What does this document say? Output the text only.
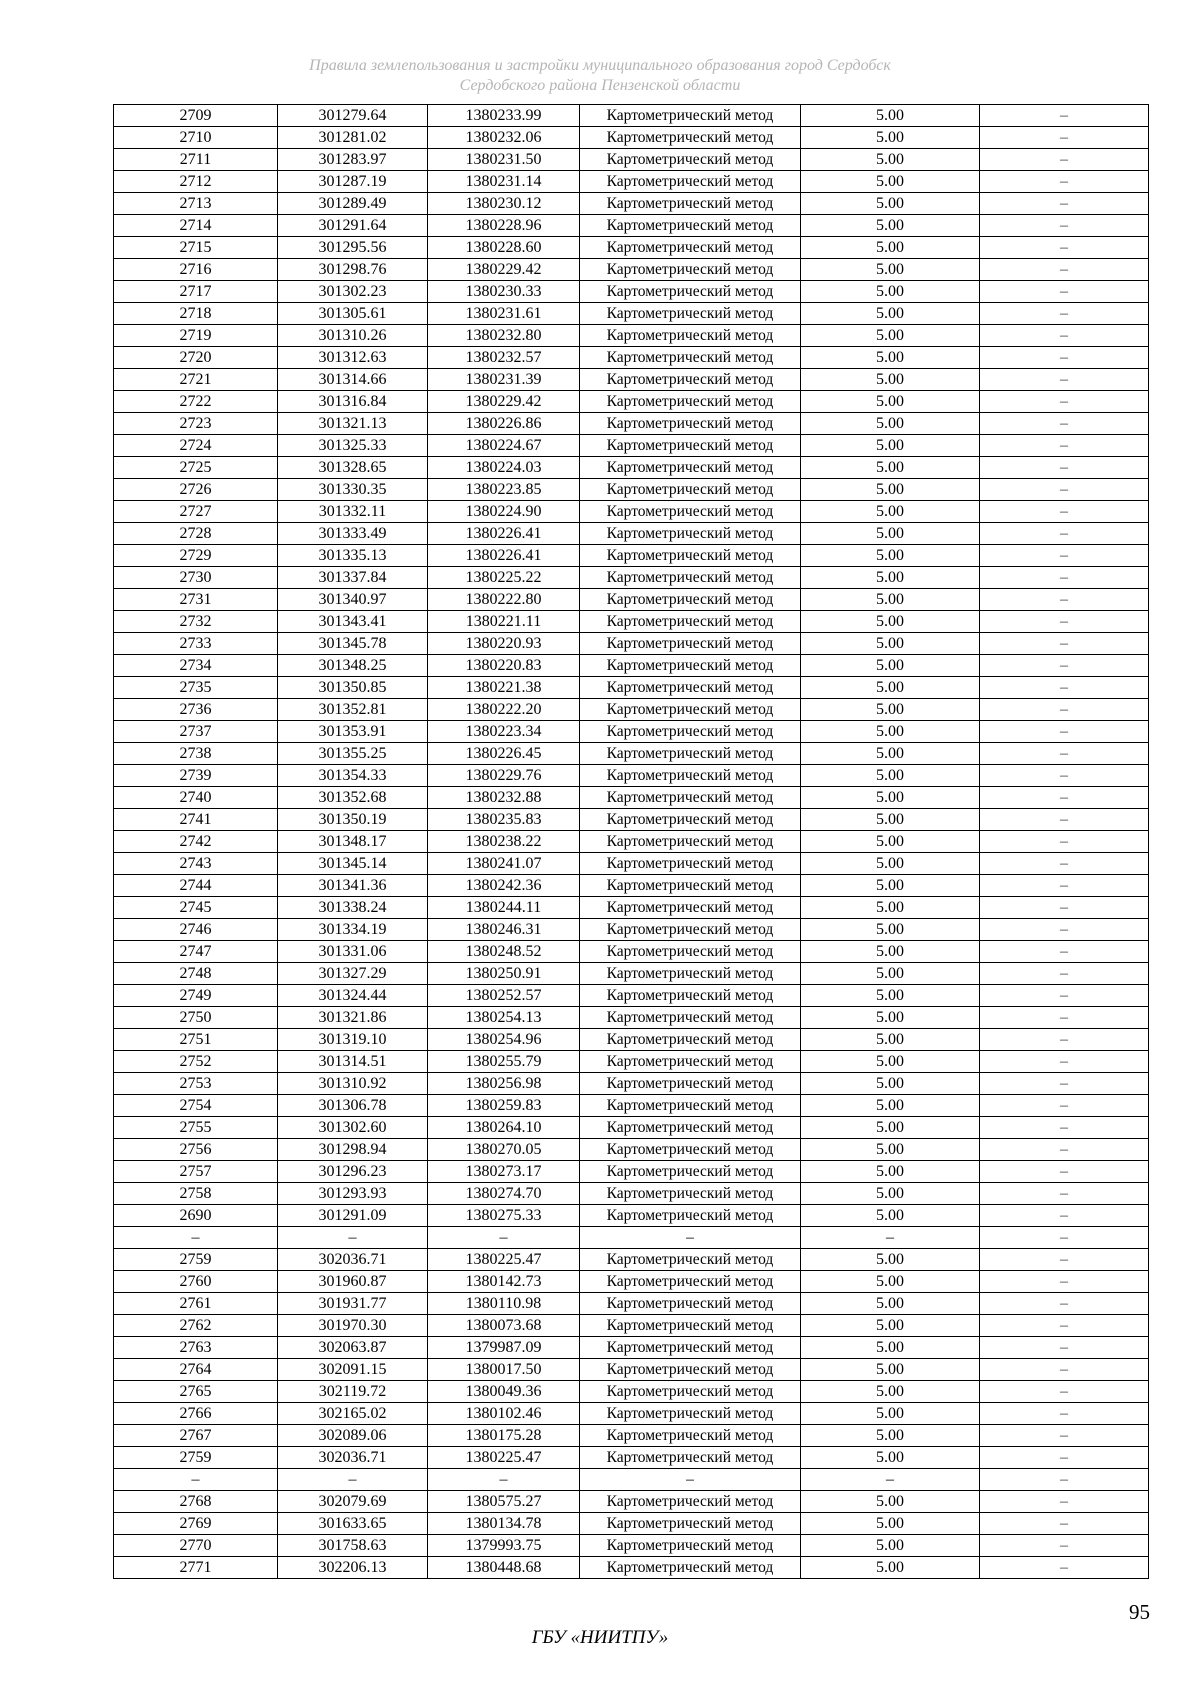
Правила землепользования и застройки муниципального образования город Сердобск
Сердобского района Пензенской области
2709	301279.64	1380233.99	Картометрический метод	5.00	–
2710	301281.02	1380232.06	Картометрический метод	5.00	–
2711	301283.97	1380231.50	Картометрический метод	5.00	–
2712	301287.19	1380231.14	Картометрический метод	5.00	–
2713	301289.49	1380230.12	Картометрический метод	5.00	–
2714	301291.64	1380228.96	Картометрический метод	5.00	–
2715	301295.56	1380228.60	Картометрический метод	5.00	–
2716	301298.76	1380229.42	Картометрический метод	5.00	–
2717	301302.23	1380230.33	Картометрический метод	5.00	–
2718	301305.61	1380231.61	Картометрический метод	5.00	–
2719	301310.26	1380232.80	Картометрический метод	5.00	–
2720	301312.63	1380232.57	Картометрический метод	5.00	–
2721	301314.66	1380231.39	Картометрический метод	5.00	–
2722	301316.84	1380229.42	Картометрический метод	5.00	–
2723	301321.13	1380226.86	Картометрический метод	5.00	–
2724	301325.33	1380224.67	Картометрический метод	5.00	–
2725	301328.65	1380224.03	Картометрический метод	5.00	–
2726	301330.35	1380223.85	Картометрический метод	5.00	–
2727	301332.11	1380224.90	Картометрический метод	5.00	–
2728	301333.49	1380226.41	Картометрический метод	5.00	–
2729	301335.13	1380226.41	Картометрический метод	5.00	–
2730	301337.84	1380225.22	Картометрический метод	5.00	–
2731	301340.97	1380222.80	Картометрический метод	5.00	–
2732	301343.41	1380221.11	Картометрический метод	5.00	–
2733	301345.78	1380220.93	Картометрический метод	5.00	–
2734	301348.25	1380220.83	Картометрический метод	5.00	–
2735	301350.85	1380221.38	Картометрический метод	5.00	–
2736	301352.81	1380222.20	Картометрический метод	5.00	–
2737	301353.91	1380223.34	Картометрический метод	5.00	–
2738	301355.25	1380226.45	Картометрический метод	5.00	–
2739	301354.33	1380229.76	Картометрический метод	5.00	–
2740	301352.68	1380232.88	Картометрический метод	5.00	–
2741	301350.19	1380235.83	Картометрический метод	5.00	–
2742	301348.17	1380238.22	Картометрический метод	5.00	–
2743	301345.14	1380241.07	Картометрический метод	5.00	–
2744	301341.36	1380242.36	Картометрический метод	5.00	–
2745	301338.24	1380244.11	Картометрический метод	5.00	–
2746	301334.19	1380246.31	Картометрический метод	5.00	–
2747	301331.06	1380248.52	Картометрический метод	5.00	–
2748	301327.29	1380250.91	Картометрический метод	5.00	–
2749	301324.44	1380252.57	Картометрический метод	5.00	–
2750	301321.86	1380254.13	Картометрический метод	5.00	–
2751	301319.10	1380254.96	Картометрический метод	5.00	–
2752	301314.51	1380255.79	Картометрический метод	5.00	–
2753	301310.92	1380256.98	Картометрический метод	5.00	–
2754	301306.78	1380259.83	Картометрический метод	5.00	–
2755	301302.60	1380264.10	Картометрический метод	5.00	–
2756	301298.94	1380270.05	Картометрический метод	5.00	–
2757	301296.23	1380273.17	Картометрический метод	5.00	–
2758	301293.93	1380274.70	Картометрический метод	5.00	–
2690	301291.09	1380275.33	Картометрический метод	5.00	–
–	–	–	–	–	–
2759	302036.71	1380225.47	Картометрический метод	5.00	–
2760	301960.87	1380142.73	Картометрический метод	5.00	–
2761	301931.77	1380110.98	Картометрический метод	5.00	–
2762	301970.30	1380073.68	Картометрический метод	5.00	–
2763	302063.87	1379987.09	Картометрический метод	5.00	–
2764	302091.15	1380017.50	Картометрический метод	5.00	–
2765	302119.72	1380049.36	Картометрический метод	5.00	–
2766	302165.02	1380102.46	Картометрический метод	5.00	–
2767	302089.06	1380175.28	Картометрический метод	5.00	–
2759	302036.71	1380225.47	Картометрический метод	5.00	–
–	–	–	–	–	–
2768	302079.69	1380575.27	Картометрический метод	5.00	–
2769	301633.65	1380134.78	Картометрический метод	5.00	–
2770	301758.63	1379993.75	Картометрический метод	5.00	–
2771	302206.13	1380448.68	Картометрический метод	5.00	–
95
ГБУ «НИИТПУ»
